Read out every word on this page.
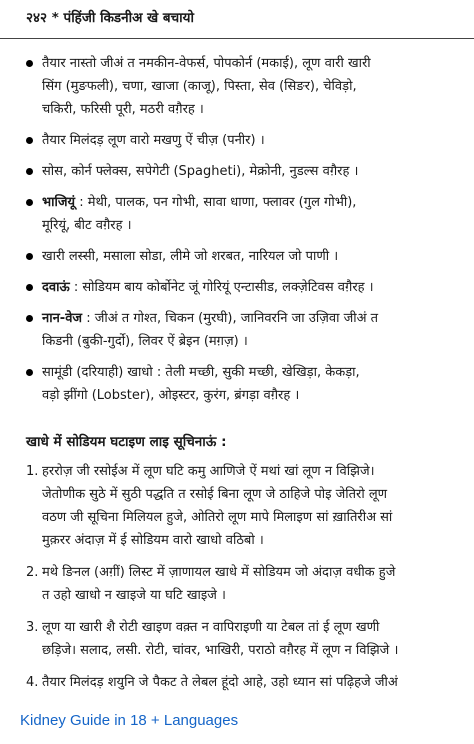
२४२ * पंहिंजी किडनीअ खे बचायो
तैयार नास्तो जीअं त नमकीन-वेफर्स, पोपकोर्न (मकाई), लूण वारी खारी
सिंग (मुङफली), चणा, खाजा (काजू), पिस्ता, सेव (सिङर), चेविड़ो,
चकिरी, फरिसी पूरी, मठरी वग़ैरह ।
तैयार मिलंदड़ लूण वारो मखणु ऐं चीज़ (पनीर) ।
सोस, कोर्न फ्लेक्स, सपेगेटी (Spagheti), मेक्रोनी, नुडल्स वग़ैरह ।
भाजियूं : मेथी, पालक, पन गोभी, सावा धाणा, फ्लावर (गुल गोभी),
मूरियूं, बीट वग़ैरह ।
खारी लस्सी, मसाला सोडा, लीमे जो शरबत, नारियल जो पाणी ।
दवाऊं : सोडियम बाय कोर्बोनेट जूं गोरियूं एन्टासीड, लक्ज़ेटिवस वग़ैरह ।
नान-वेज : जीअं त गोश्त, चिकन (मुरघी), जानिवरनि जा उज़िवा जीअं त
किडनी (बुकी-गुर्दो), लिवर ऐं ब्रेइन (मग़ज़) ।
सामूंडी (दरियाही) खाधो : तेली मच्छी, सुकी मच्छी, खेखिड़ा, केकड़ा,
वड़ो झींगो (Lobster), ओइस्टर, कुरंग, ब्रंगड़ा वग़ैरह ।
खाधे में सोडियम घटाइण लाइ सूचिनाऊं :
1. हररोज़ जी रसोईअ में लूण घटि कमु आणिजे ऐं मथां खां लूण न विझिजे।
जेतोणीक सुठे में सुठी पद्धति त रसोई बिना लूण जे ठाहिजे पोइ जेतिरो लूण
वठण जी सूचिना मिलियल हुजे, ओतिरो लूण मापे मिलाइण सां ख़ातिरीअ सां
मुक़रर अंदाज़ में ई सोडियम वारो खाधो वठिबो ।
2. मथे ङिनल (अग़ीं) लिस्ट में ज़ाणायल खाधे में सोडियम जो अंदाज़ वधीक हुजे
त उहो खाधो न खाइजे या घटि खाइजे ।
3. लूण या खारी शै रोटी खाइण वक़्त न वापिराइणी या टेबल तां ई लूण खणी
छड़िजे। सलाद, लसी. रोटी, चांवर, भाखिरी, पराठो वग़ैरह में लूण न विझिजे ।
4. तैयार मिलंदड़ शयुनि जे पैकट ते लेबल हूंदो आहे, उहो ध्यान सां पढ़िहजे जीअं
Kidney Guide in 18 + Languages
